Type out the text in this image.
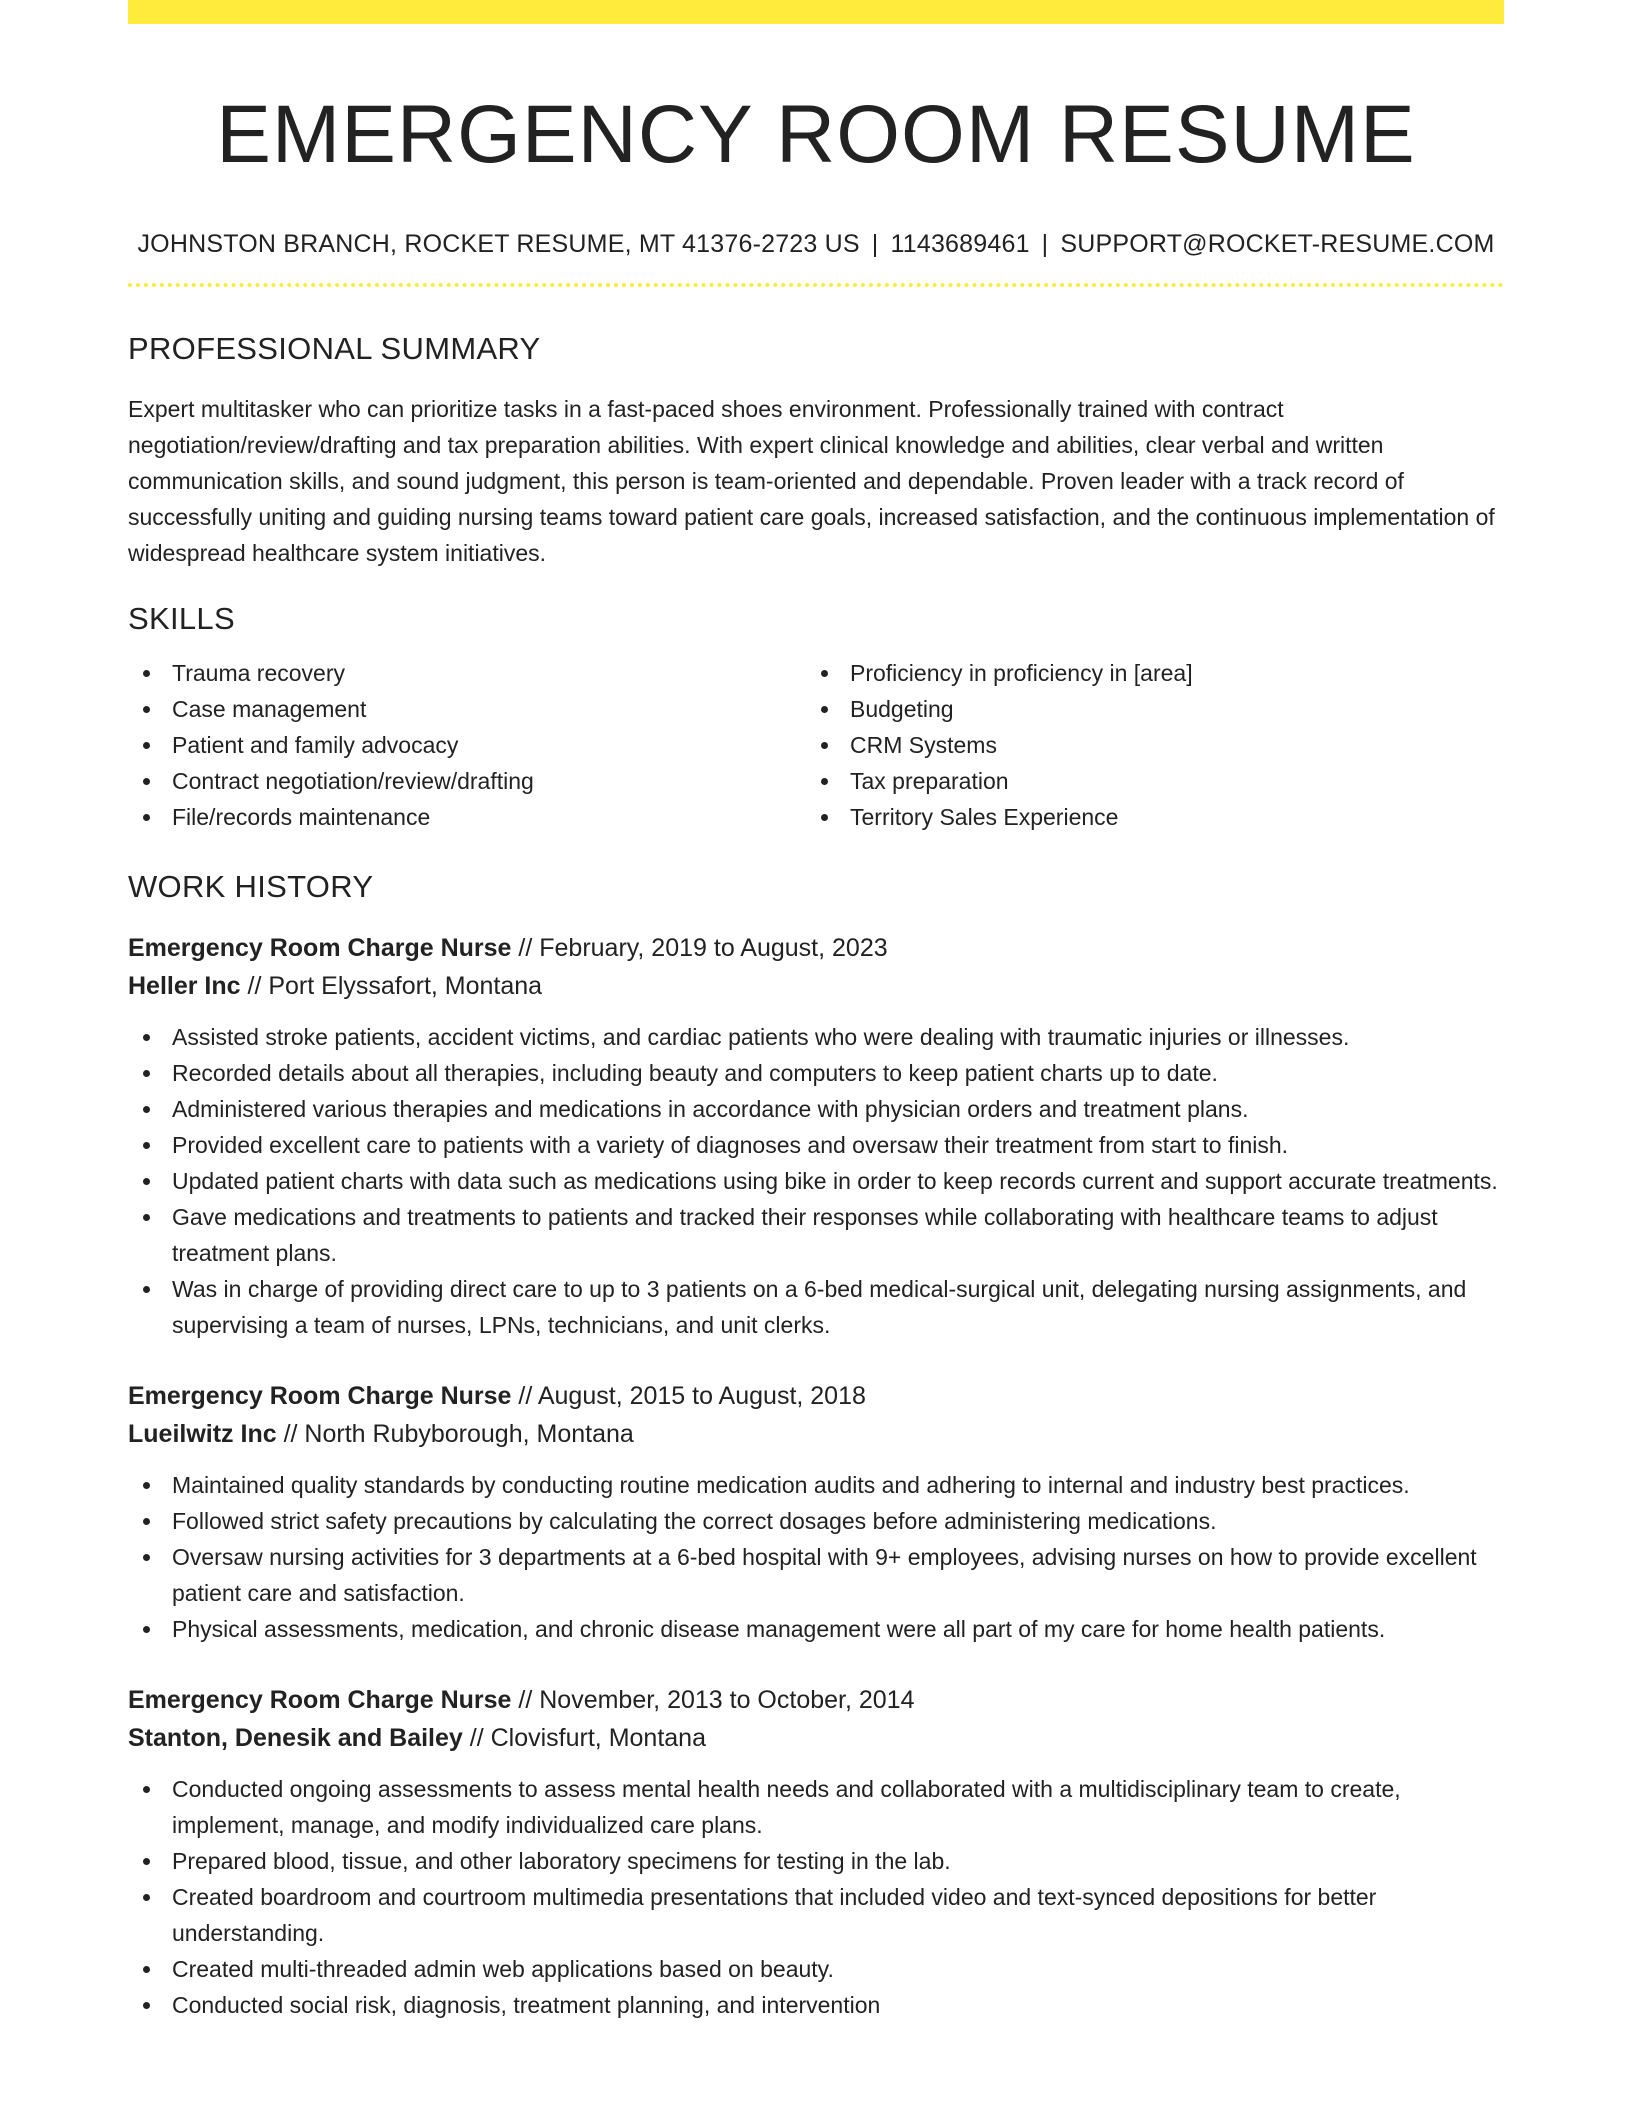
EMERGENCY ROOM RESUME
JOHNSTON BRANCH, ROCKET RESUME, MT 41376-2723 US | 1143689461 | SUPPORT@ROCKET-RESUME.COM
PROFESSIONAL SUMMARY

Expert multitasker who can prioritize tasks in a fast-paced shoes environment. Professionally trained with contract negotiation/review/drafting and tax preparation abilities. With expert clinical knowledge and abilities, clear verbal and written communication skills, and sound judgment, this person is team-oriented and dependable. Proven leader with a track record of successfully uniting and guiding nursing teams toward patient care goals, increased satisfaction, and the continuous implementation of widespread healthcare system initiatives.

SKILLS
Trauma recovery
Case management
Patient and family advocacy
Contract negotiation/review/drafting
File/records maintenance
Proficiency in proficiency in [area]
Budgeting
CRM Systems
Tax preparation
Territory Sales Experience
WORK HISTORY
Emergency Room Charge Nurse // February, 2019 to August, 2023
Heller Inc // Port Elyssafort, Montana
Assisted stroke patients, accident victims, and cardiac patients who were dealing with traumatic injuries or illnesses.
Recorded details about all therapies, including beauty and computers to keep patient charts up to date.
Administered various therapies and medications in accordance with physician orders and treatment plans.
Provided excellent care to patients with a variety of diagnoses and oversaw their treatment from start to finish.
Updated patient charts with data such as medications using bike in order to keep records current and support accurate treatments.
Gave medications and treatments to patients and tracked their responses while collaborating with healthcare teams to adjust treatment plans.
Was in charge of providing direct care to up to 3 patients on a 6-bed medical-surgical unit, delegating nursing assignments, and supervising a team of nurses, LPNs, technicians, and unit clerks.
Emergency Room Charge Nurse // August, 2015 to August, 2018
Lueilwitz Inc // North Rubyborough, Montana
Maintained quality standards by conducting routine medication audits and adhering to internal and industry best practices.
Followed strict safety precautions by calculating the correct dosages before administering medications.
Oversaw nursing activities for 3 departments at a 6-bed hospital with 9+ employees, advising nurses on how to provide excellent patient care and satisfaction.
Physical assessments, medication, and chronic disease management were all part of my care for home health patients.
Emergency Room Charge Nurse // November, 2013 to October, 2014
Stanton, Denesik and Bailey // Clovisfurt, Montana
Conducted ongoing assessments to assess mental health needs and collaborated with a multidisciplinary team to create, implement, manage, and modify individualized care plans.
Prepared blood, tissue, and other laboratory specimens for testing in the lab.
Created boardroom and courtroom multimedia presentations that included video and text-synced depositions for better understanding.
Created multi-threaded admin web applications based on beauty.
Conducted social risk, diagnosis, treatment planning, and intervention
